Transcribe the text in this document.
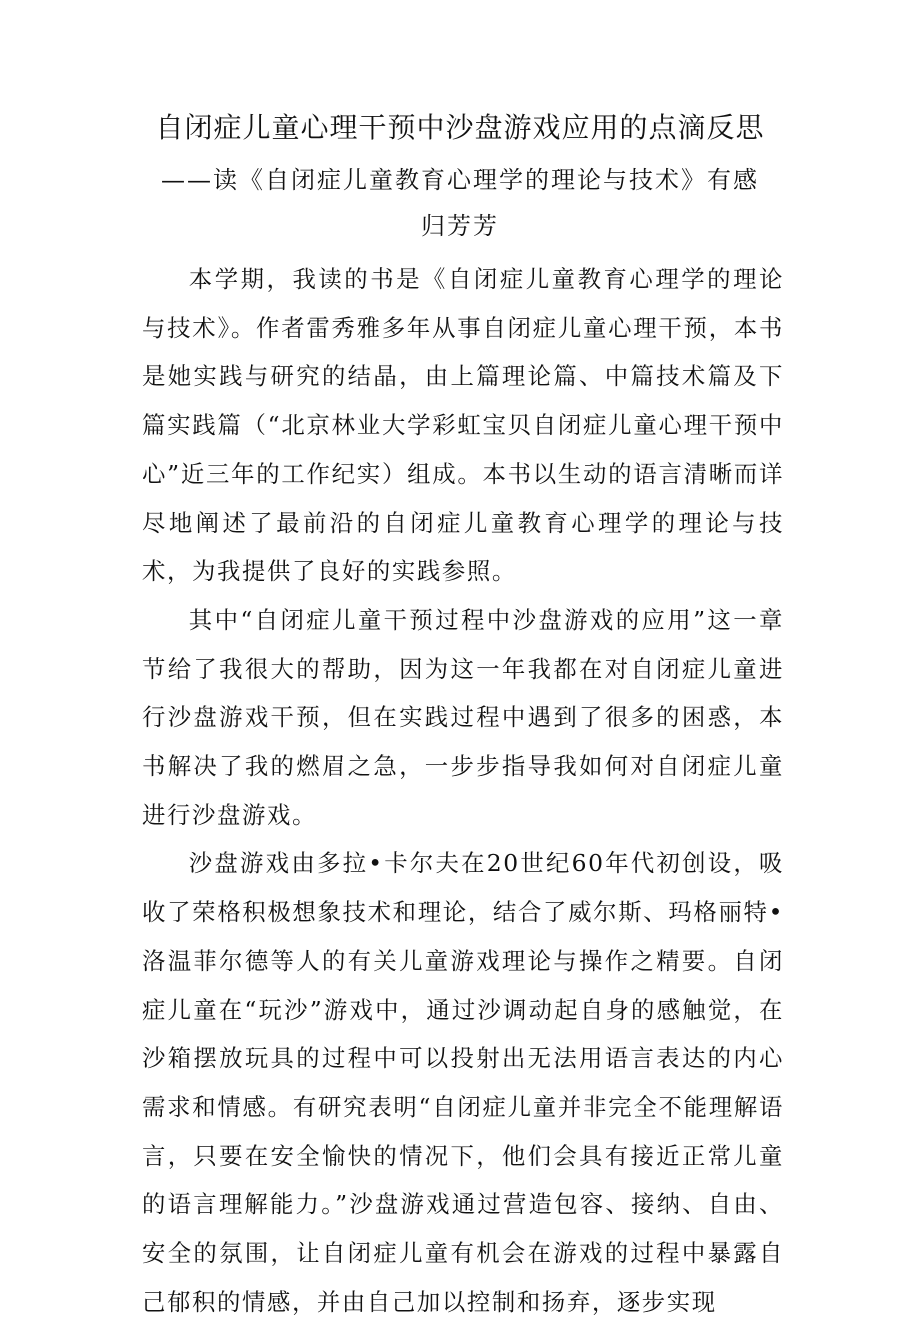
自闭症儿童心理干预中沙盘游戏应用的点滴反思
——读《自闭症儿童教育心理学的理论与技术》有感
归芳芳

本学期，我读的书是《自闭症儿童教育心理学的理论与技术》。作者雷秀雅多年从事自闭症儿童心理干预，本书是她实践与研究的结晶，由上篇理论篇、中篇技术篇及下篇实践篇（“北京林业大学彩虹宝贝自闭症儿童心理干预中心”近三年的工作纪实）组成。本书以生动的语言清晰而详尽地阐述了最前沿的自闭症儿童教育心理学的理论与技术，为我提供了良好的实践参照。

其中“自闭症儿童干预过程中沙盘游戏的应用”这一章节给了我很大的帮助，因为这一年我都在对自闭症儿童进行沙盘游戏干预，但在实践过程中遇到了很多的困惑，本书解决了我的燃眉之急，一步步指导我如何对自闭症儿童进行沙盘游戏。

沙盘游戏由多拉•卡尔夫在20世纪60年代初创设，吸收了荣格积极想象技术和理论，结合了威尔斯、玛格丽特•洛温菲尔德等人的有关儿童游戏理论与操作之精要。自闭症儿童在“玩沙”游戏中，通过沙调动起自身的感触觉，在沙箱摆放玩具的过程中可以投射出无法用语言表达的内心需求和情感。有研究表明“自闭症儿童并非完全不能理解语言，只要在安全愉快的情况下，他们会具有接近正常儿童的语言理解能力。”沙盘游戏通过营造包容、接纳、自由、安全的氛围，让自闭症儿童有机会在游戏的过程中暴露自己郁积的情感，并由自己加以控制和扬弃，逐步实现
